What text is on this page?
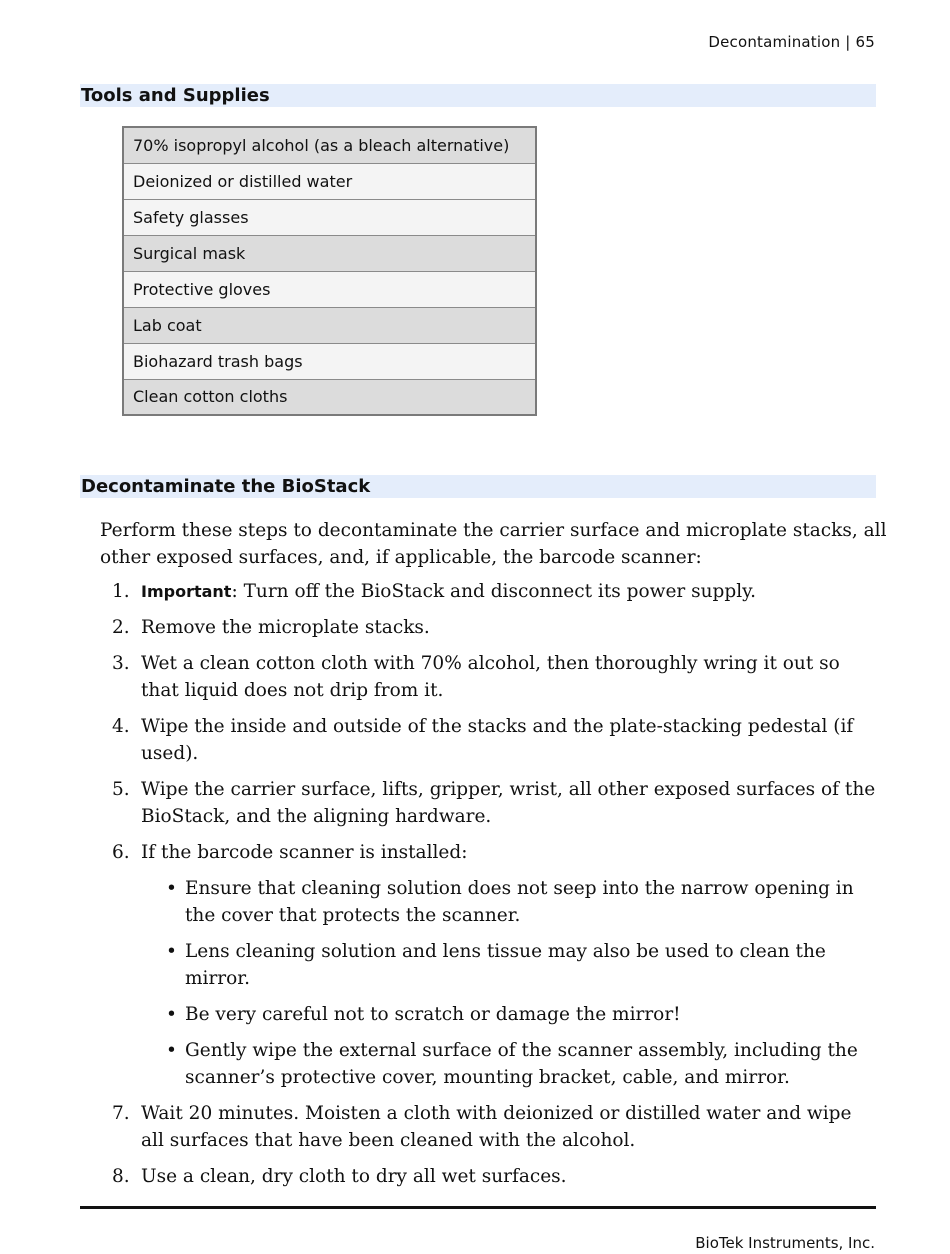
Decontamination | 65
Tools and Supplies
70% isopropyl alcohol (as a bleach alternative)
Deionized or distilled water
Safety glasses
Surgical mask
Protective gloves
Lab coat
Biohazard trash bags
Clean cotton cloths
Decontaminate the BioStack

Perform these steps to decontaminate the carrier surface and microplate stacks, all other exposed surfaces, and, if applicable, the barcode scanner:

1. Important: Turn off the BioStack and disconnect its power supply.
2. Remove the microplate stacks.
3. Wet a clean cotton cloth with 70% alcohol, then thoroughly wring it out so that liquid does not drip from it.
4. Wipe the inside and outside of the stacks and the plate-stacking pedestal (if used).
5. Wipe the carrier surface, lifts, gripper, wrist, all other exposed surfaces of the BioStack, and the aligning hardware.
6. If the barcode scanner is installed:
• Ensure that cleaning solution does not seep into the narrow opening in the cover that protects the scanner.
• Lens cleaning solution and lens tissue may also be used to clean the mirror.
• Be very careful not to scratch or damage the mirror!
• Gently wipe the external surface of the scanner assembly, including the scanner’s protective cover, mounting bracket, cable, and mirror.
7. Wait 20 minutes. Moisten a cloth with deionized or distilled water and wipe all surfaces that have been cleaned with the alcohol.
8. Use a clean, dry cloth to dry all wet surfaces.
BioTek Instruments, Inc.
